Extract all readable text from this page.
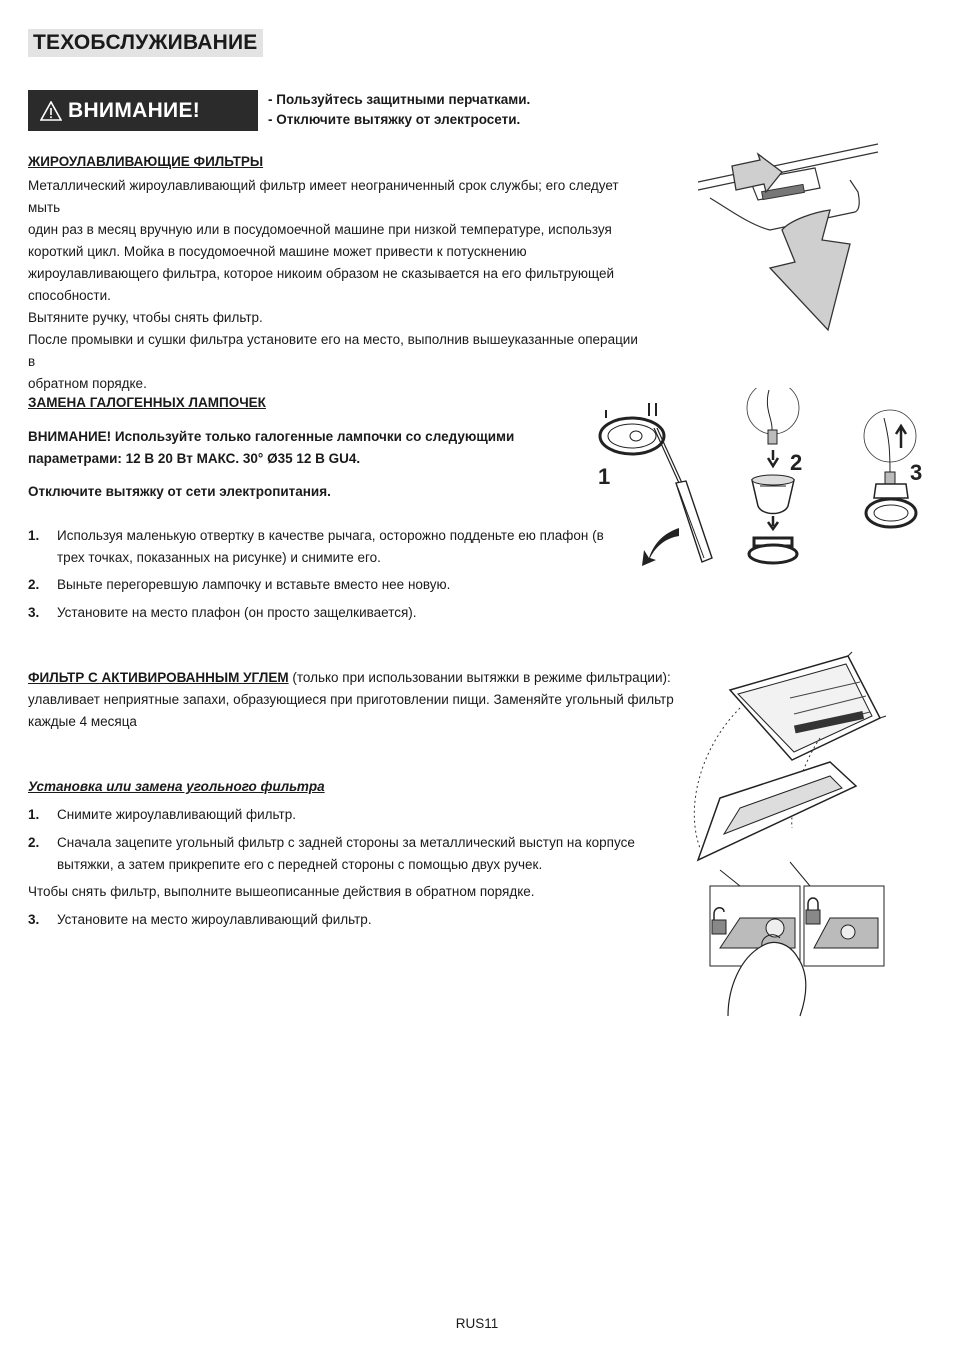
ТЕХОБСЛУЖИВАНИЕ
ВНИМАНИЕ!	- Пользуйтесь защитными перчатками.
- Отключите вытяжку от электросети.
ЖИРОУЛАВЛИВАЮЩИЕ ФИЛЬТРЫ
Металлический жироулавливающий фильтр имеет неограниченный срок службы; его следует мыть
один раз в месяц вручную или в посудомоечной машине при низкой температуре, используя
короткий цикл. Мойка в посудомоечной машине может привести к потускнению
жироулавливающего фильтра, которое никоим образом не сказывается на его фильтрующей
способности.
Вытяните ручку, чтобы снять фильтр.
После промывки и сушки фильтра установите его на место, выполнив вышеуказанные операции в
обратном порядке.
ЗАМЕНА ГАЛОГЕННЫХ ЛАМПОЧЕК
ВНИМАНИЕ! Используйте только галогенные лампочки со следующими
параметрами: 12 В 20 Вт МАКС. 30° Ø35 12 В GU4.
Отключите вытяжку от сети электропитания.
1. Используя маленькую отвертку в качестве рычага, осторожно подденьте ею плафон (в
трех точках, показанных на рисунке) и снимите его.
2. Выньте перегоревшую лампочку и вставьте вместо нее новую.
3. Установите на место плафон (он просто защелкивается).
1
2	3
ФИЛЬТР С АКТИВИРОВАННЫМ УГЛЕМ (только при использовании вытяжки в режиме фильтрации):
улавливает неприятные запахи, образующиеся при приготовлении пищи. Заменяйте угольный фильтр
каждые 4 месяца
Установка или замена угольного фильтра
1. Снимите жироулавливающий фильтр.
2. Сначала зацепите угольный фильтр с задней стороны за металлический выступ на корпусе
вытяжки, а затем прикрепите его с передней стороны с помощью двух ручек.
Чтобы снять фильтр, выполните вышеописанные действия в обратном порядке.
3. Установите на место жироулавливающий фильтр.
RUS11
